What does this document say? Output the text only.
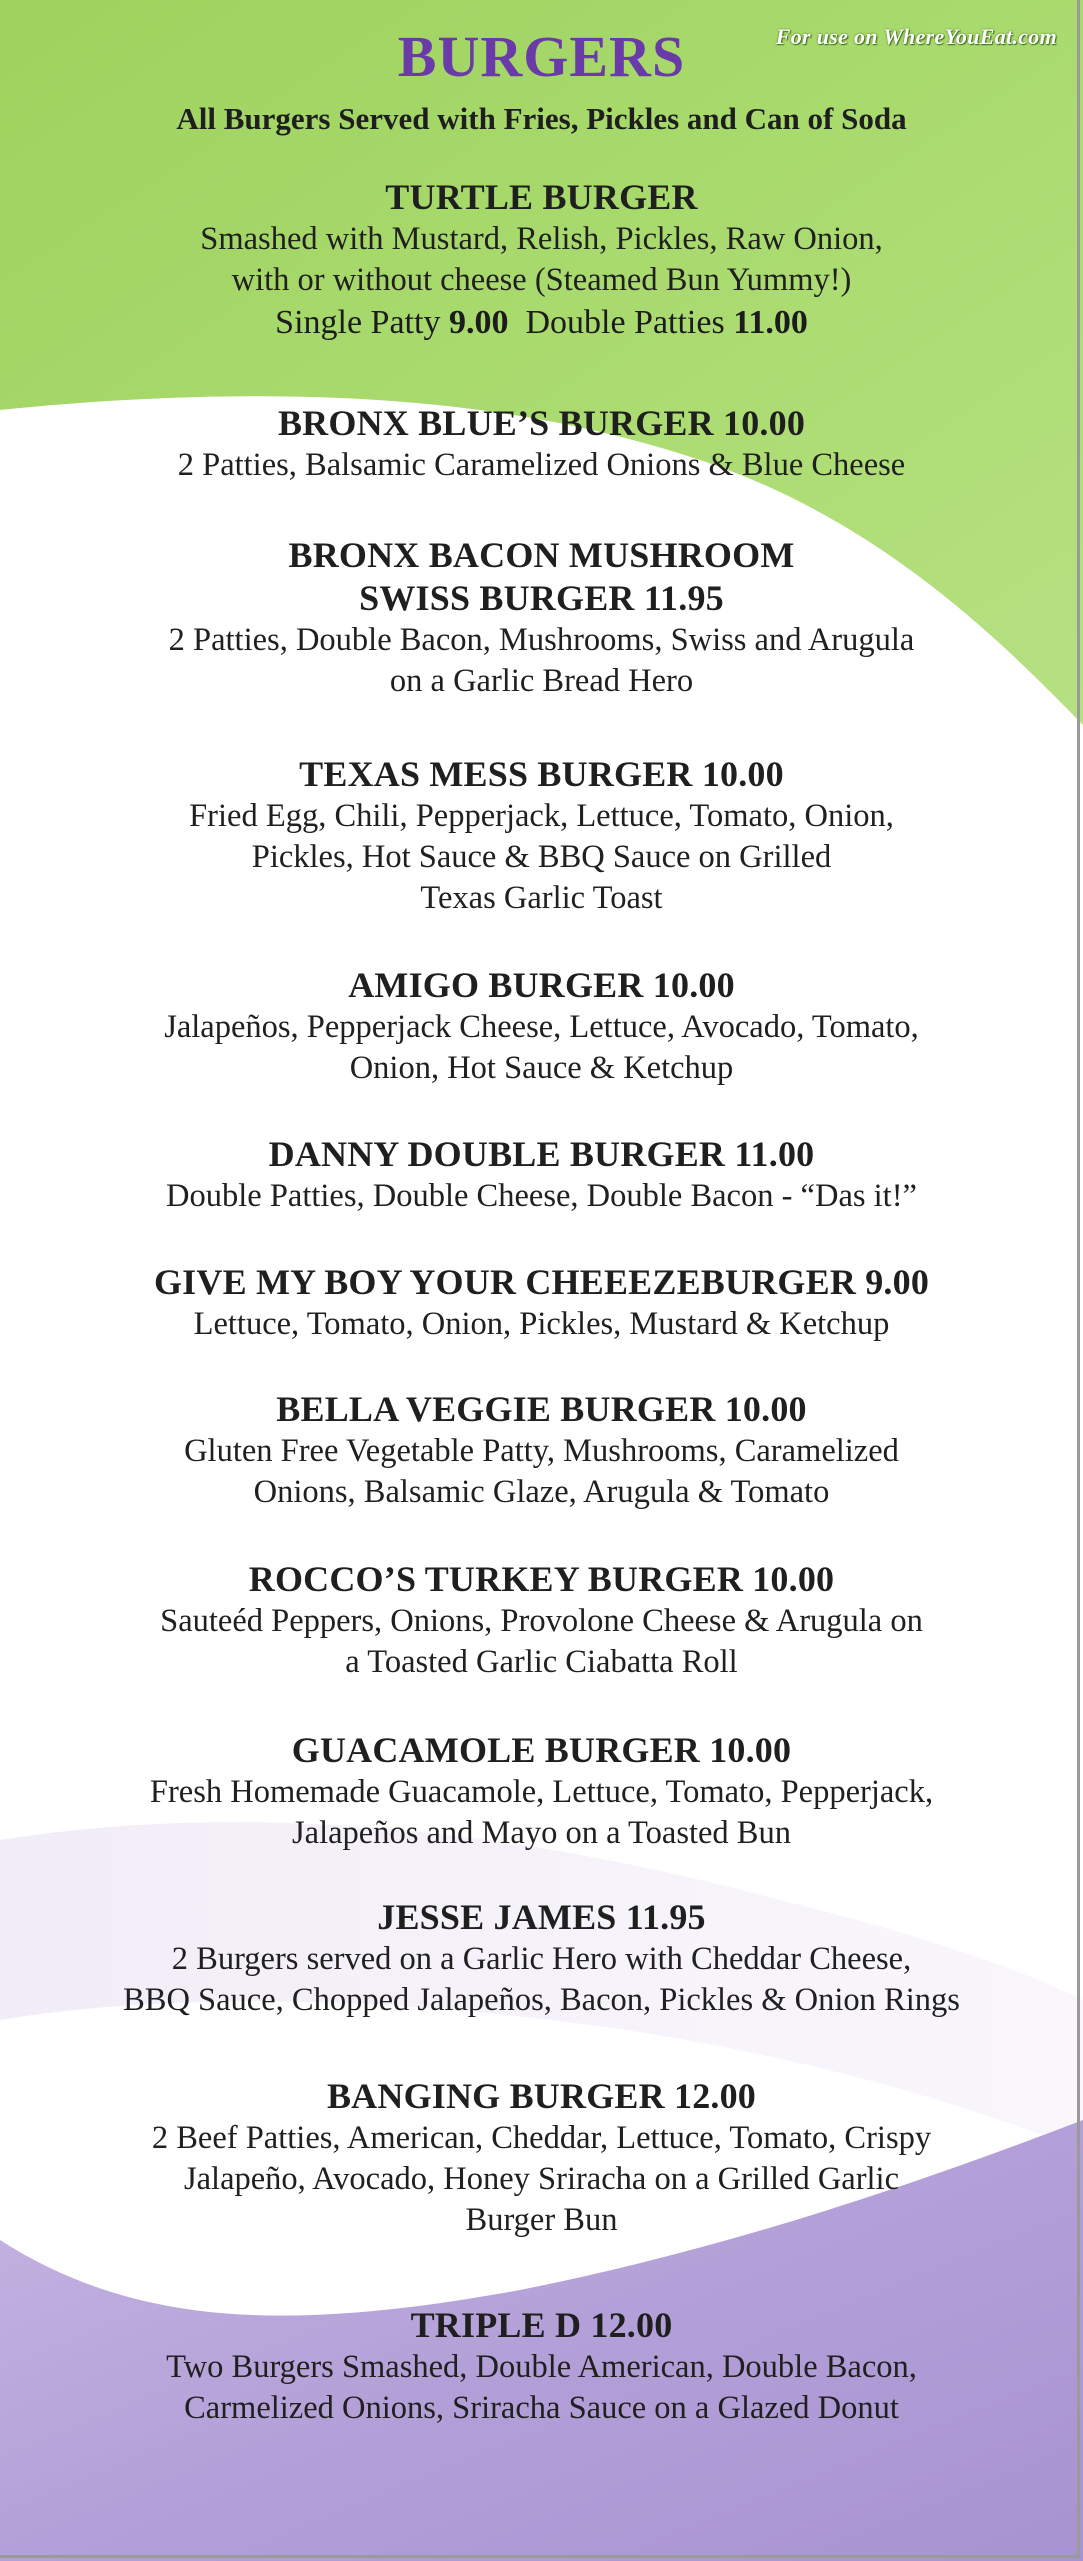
For use on WhereYouEat.com
BURGERS
All Burgers Served with Fries, Pickles and Can of Soda

TURTLE BURGER

Smashed with Mustard, Relish, Pickles, Raw Onion,

with or without cheese (Steamed Bun Yummy!)

Single Patty 9.00 Double Patties 11.00

BRONX BLUE’S BURGER 10.00

2 Patties, Balsamic Caramelized Onions & Blue Cheese

BRONX BACON MUSHROOM

SWISS BURGER 11.95

2 Patties, Double Bacon, Mushrooms, Swiss and Arugula

on a Garlic Bread Hero

TEXAS MESS BURGER 10.00

Fried Egg, Chili, Pepperjack, Lettuce, Tomato, Onion,

Pickles, Hot Sauce & BBQ Sauce on Grilled

Texas Garlic Toast

AMIGO BURGER 10.00

Jalapeños, Pepperjack Cheese, Lettuce, Avocado, Tomato,

Onion, Hot Sauce & Ketchup

DANNY DOUBLE BURGER 11.00

Double Patties, Double Cheese, Double Bacon - “Das it!”

GIVE MY BOY YOUR CHEEEZEBURGER 9.00

Lettuce, Tomato, Onion, Pickles, Mustard & Ketchup

BELLA VEGGIE BURGER 10.00

Gluten Free Vegetable Patty, Mushrooms, Caramelized

Onions, Balsamic Glaze, Arugula & Tomato

ROCCO’S TURKEY BURGER 10.00

Sauteéd Peppers, Onions, Provolone Cheese & Arugula on

a Toasted Garlic Ciabatta Roll

GUACAMOLE BURGER 10.00

Fresh Homemade Guacamole, Lettuce, Tomato, Pepperjack,

Jalapeños and Mayo on a Toasted Bun

JESSE JAMES 11.95

2 Burgers served on a Garlic Hero with Cheddar Cheese,

BBQ Sauce, Chopped Jalapeños, Bacon, Pickles & Onion Rings

BANGING BURGER 12.00

2 Beef Patties, American, Cheddar, Lettuce, Tomato, Crispy

Jalapeño, Avocado, Honey Sriracha on a Grilled Garlic

Burger Bun

TRIPLE D 12.00

Two Burgers Smashed, Double American, Double Bacon,

Carmelized Onions, Sriracha Sauce on a Glazed Donut
